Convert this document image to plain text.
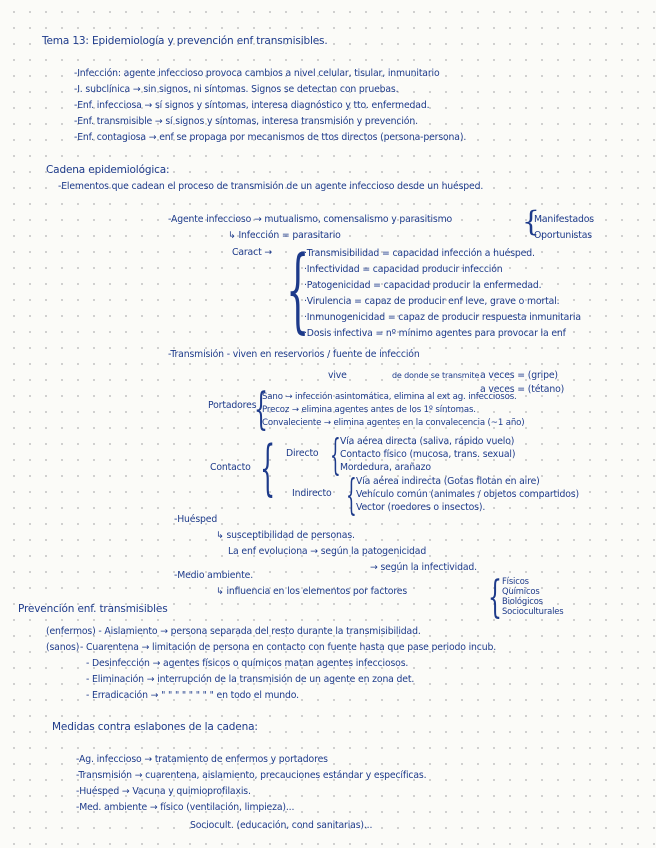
Tema 13: Epidemiología y prevención enf transmisibles.
-Infección: agente infeccioso provoca cambios a nivel celular, tisular, inmunitario
-I. subclínica → sin signos, ni síntomas. Signos se detectan con pruebas.
-Enf. infecciosa → sí signos y síntomas, interesa diagnóstico y tto. enfermedad.
-Enf. transmisible → sí signos y síntomas, interesa transmisión y prevención.
-Enf. contagiosa → enf se propaga por mecanismos de ttos directos (persona-persona).
Cadena epidemiológica:
-Elementos que cadean el proceso de transmisión de un agente infeccioso desde un huésped.
-Agente infeccioso → mutualismo, comensalismo y parasitismo
↳ Infección = parasitario	{
Manifestados
Oportunistas
Caract → {
·Transmisibilidad = capacidad infección a huésped.
·Infectividad = capacidad producir infección
·Patogenicidad = capacidad producir la enfermedad.
·Virulencia = capaz de producir enf leve, grave o mortal.
·Inmunogenicidad = capaz de producir respuesta inmunitaria
·Dosis infectiva = nº mínimo agentes para provocar la enf
-Transmisión - viven en reservorios / fuente de infección
vive	de donde se transmite a veces = (gripe)
a veces = (tétano)
Portadores
{
Sano → infección asintomática, elimina al ext ag. infecciosos.
Precoz → elimina agentes antes de los 1º síntomas.
Convaleciente → elimina agentes en la convalecencia (~1 año)
Contacto { Directo { Vía aérea directa (saliva, rápido vuelo)
Contacto físico (mucosa, trans. sexual)
Mordedura, arañazo
Indirecto { Vía aérea indirecta (Gotas flotan en aire)
Vehículo común (animales / objetos compartidos)
Vector (roedores o insectos).
-Huésped
↳ susceptibilidad de personas.
La enf evoluciona → según la patogenicidad
→ según la infectividad.
-Medio ambiente.
↳ influencia en los elementos por factores { Físicos
Químicos
Biológicos
Socioculturales
Prevención enf. transmisibles
(enfermos) - Aislamiento → persona separada del resto durante la transmisibilidad.
(sanos) - Cuarentena → limitación de persona en contacto con fuente hasta que pase periodo incub.
- Desinfección → agentes físicos o químicos matan agentes infecciosos.
- Eliminación → interrupción de la transmisión de un agente en zona det.
- Erradicación → " " " " " " " " en todo el mundo.
Medidas contra eslabones de la cadena:
-Ag. infeccioso → tratamiento de enfermos y portadores
-Transmisión → cuarentena, aislamiento, precauciones estándar y específicas.
-Huésped → Vacuna y quimioprofilaxis.
-Med. ambiente → físico (ventilación, limpieza)...
Sociocult. (educación, cond sanitarias)...
